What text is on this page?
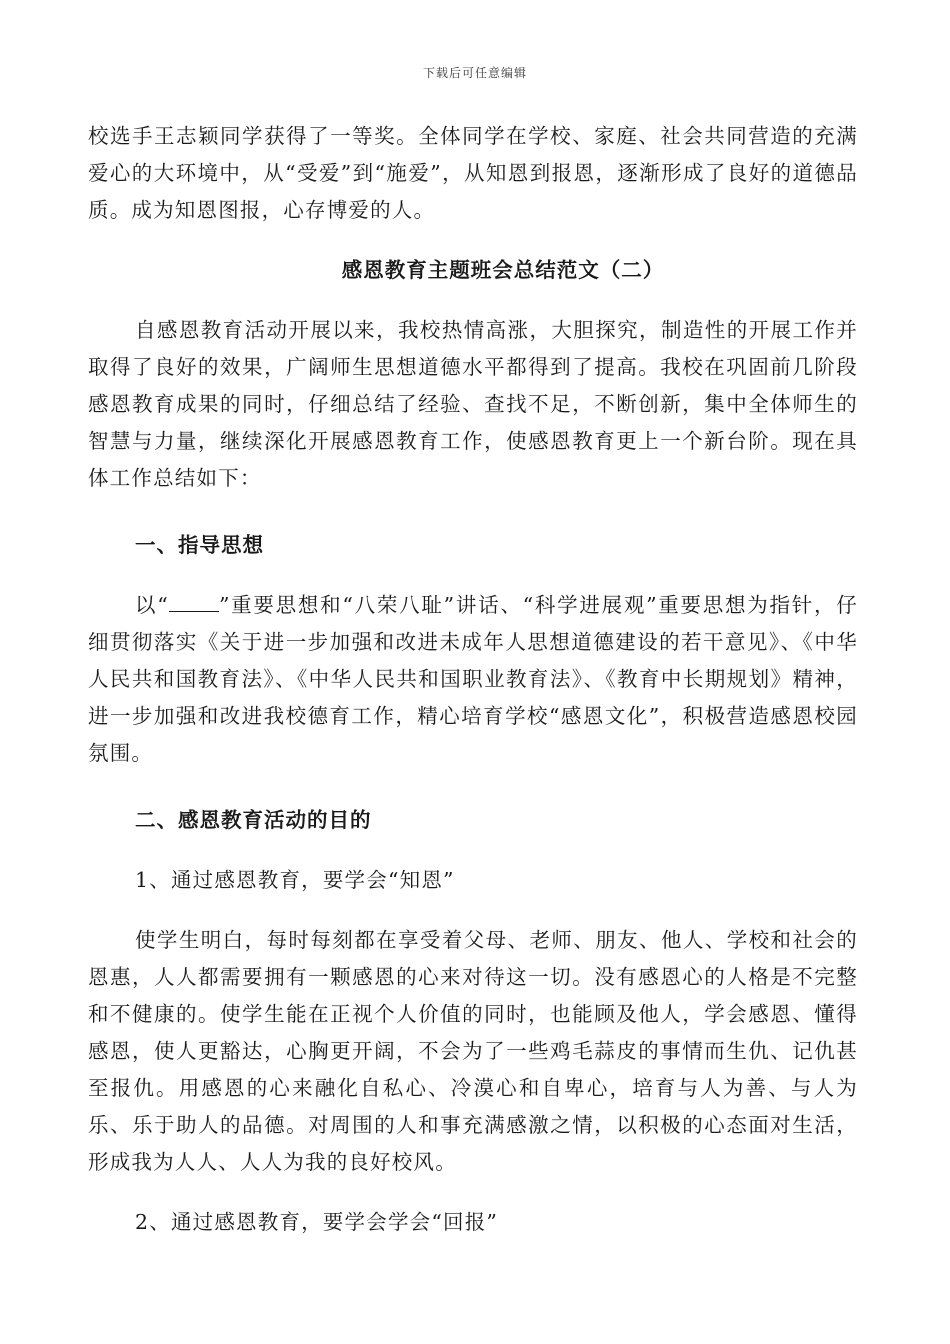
下载后可任意编辑

校选手王志颖同学获得了一等奖。全体同学在学校、家庭、社会共同营造的充满爱心的大环境中，从“受爱”到“施爱”，从知恩到报恩，逐渐形成了良好的道德品质。成为知恩图报，心存博爱的人。

感恩教育主题班会总结范文（二）

自感恩教育活动开展以来，我校热情高涨，大胆探究，制造性的开展工作并取得了良好的效果，广阔师生思想道德水平都得到了提高。我校在巩固前几阶段感恩教育成果的同时，仔细总结了经验、查找不足，不断创新，集中全体师生的智慧与力量，继续深化开展感恩教育工作，使感恩教育更上一个新台阶。现在具体工作总结如下：

一、指导思想

以“ ”重要思想和“八荣八耻”讲话、“科学进展观”重要思想为指针，仔细贯彻落实《关于进一步加强和改进未成年人思想道德建设的若干意见》、《中华人民共和国教育法》、《中华人民共和国职业教育法》、《教育中长期规划》精神，进一步加强和改进我校德育工作，精心培育学校“感恩文化”，积极营造感恩校园氛围。

二、感恩教育活动的目的

1、通过感恩教育，要学会“知恩”

使学生明白，每时每刻都在享受着父母、老师、朋友、他人、学校和社会的恩惠，人人都需要拥有一颗感恩的心来对待这一切。没有感恩心的人格是不完整和不健康的。使学生能在正视个人价值的同时，也能顾及他人，学会感恩、懂得感恩，使人更豁达，心胸更开阔，不会为了一些鸡毛蒜皮的事情而生仇、记仇甚至报仇。用感恩的心来融化自私心、冷漠心和自卑心，培育与人为善、与人为乐、乐于助人的品德。对周围的人和事充满感激之情，以积极的心态面对生活，形成我为人人、人人为我的良好校风。

2、通过感恩教育，要学会学会“回报”
